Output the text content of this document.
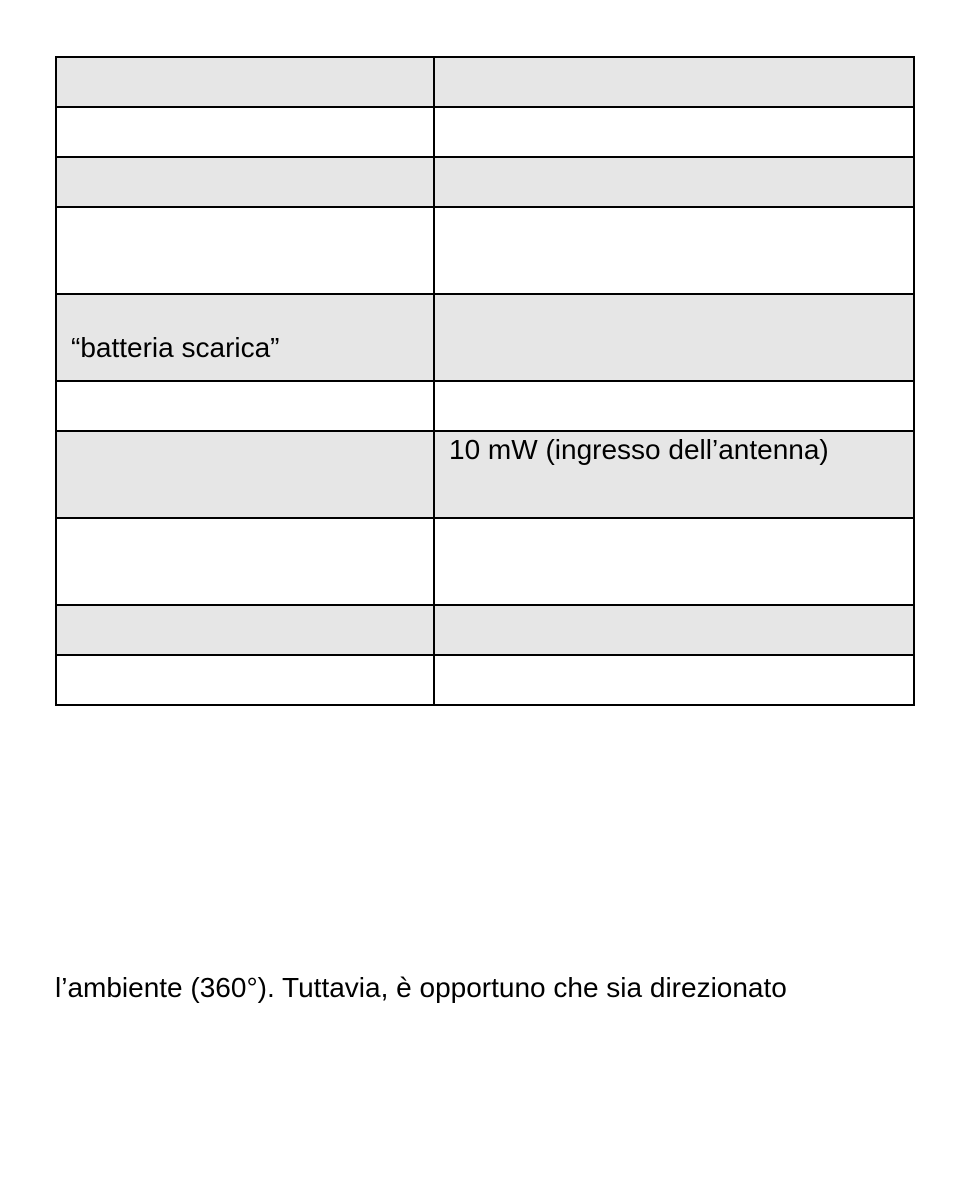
“batteria scarica”	

	10 mW (ingresso dell’antenna)

l’ambiente (360°). Tuttavia, è opportuno che sia direzionato
